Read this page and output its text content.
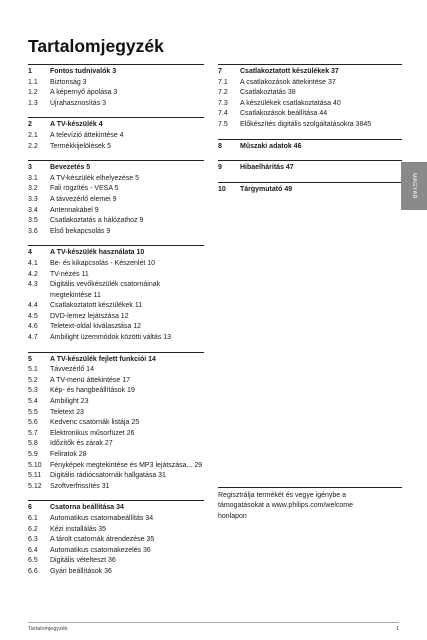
Tartalomjegyzék
1	Fontos tudnivalók 3
1.1	Biztonság 3
1.2	A képernyő ápolása 3
1.3	Újrahasznosítás 3
2	A TV-készülék 4
2.1	A televízió áttekintése 4
2.2	Termékkijelölések 5
3	Bevezetés 5
3.1	A TV-készülék elhelyezése 5
3.2	Fali rögzítés - VESA 5
3.3	A távvezérlő elemei 9
3.4	Antennakábel 9
3.5	Csatlakoztatás a hálózathoz 9
3.6	Első bekapcsolás 9
4	A TV-készülék használata 10
4.1	Be- és kikapcsolás - Készenlét 10
4.2	TV-nézés 11
4.3	Digitális vevőkészülék csatornáinak
megtekintése 11
4.4	Csatlakoztatott készülékek 11
4.5	DVD-lemez lejátszása 12
4.6	Teletext-oldal kiválasztása 12
4.7	Ambilight üzemmódok közötti váltás 13
5	A TV-készülék fejlett funkciói 14
5.1	Távvezérlő 14
5.2	A TV-menü áttekintése 17
5.3	Kép- és hangbeállítások 19
5.4	Ambilight 23
5.5	Teletext 23
5.6	Kedvenc csatornák listája 25
5.7	Elektronikus műsorfüzet 26
5.8	Időzítők és zárak 27
5.9	Feliratok 28
5.10	Fényképek megtekintése és MP3 lejátszása... 29
5.11	Digitális rádiócsatornák hallgatása 31
5.12	Szoftverfrissítés 31
6	Csatorna beállítása 34
6.1	Automatikus csatornabeállítás 34
6.2	Kézi installálás 35
6.3	A tárolt csatornák átrendezése 35
6.4	Automatikus csatornakezelés 36
6.5	Digitális vételteszt 36
6.6	Gyári beállítások 36
7	Csatlakoztatott készülékek 37
7.1	A csatlakozások áttekintése 37
7.2	Csatlakoztatás 38
7.3	A készülékek csatlakoztatása 40
7.4	Csatlakozások beállítása 44
7.5	Előkészítés digitális szolgáltatásokra 3845
8	Műszaki adatok 46
9	Hibaelhárítás 47
10	Tárgymutató 49
Regisztrálja termékét és vegye igénybe a
támogatásokat a www.philips.com/welcome
honlapon
MAGYAR
Tartalomjegyzék	1
